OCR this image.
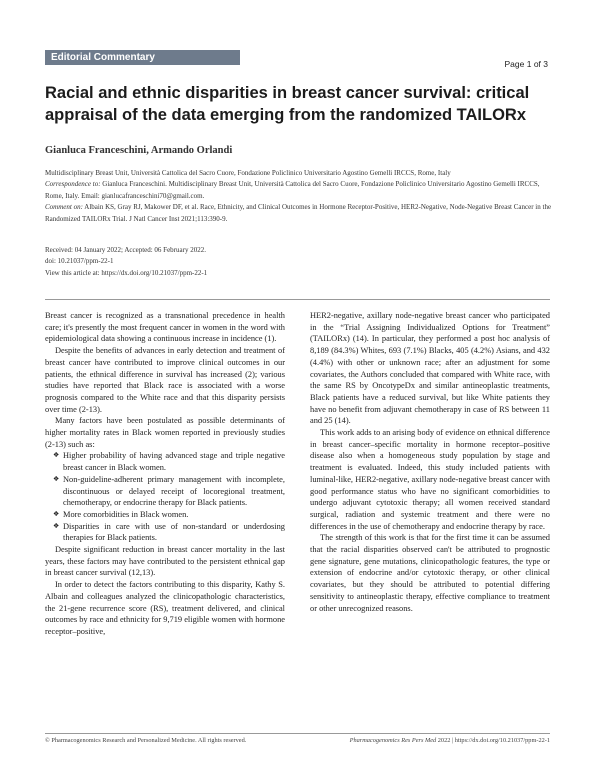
Editorial Commentary
Page 1 of 3
Racial and ethnic disparities in breast cancer survival: critical appraisal of the data emerging from the randomized TAILORx
Gianluca Franceschini, Armando Orlandi

Multidisciplinary Breast Unit, Università Cattolica del Sacro Cuore, Fondazione Policlinico Universitario Agostino Gemelli IRCCS, Rome, Italy

Correspondence to: Gianluca Franceschini. Multidisciplinary Breast Unit, Università Cattolica del Sacro Cuore, Fondazione Policlinico Universitario Agostino Gemelli IRCCS, Rome, Italy. Email: gianlucafranceschini70@gmail.com.

Comment on: Albain KS, Gray RJ, Makower DF, et al. Race, Ethnicity, and Clinical Outcomes in Hormone Receptor-Positive, HER2-Negative, Node-Negative Breast Cancer in the Randomized TAILORx Trial. J Natl Cancer Inst 2021;113:390-9.

Received: 04 January 2022; Accepted: 06 February 2022.

doi: 10.21037/ppm-22-1

View this article at: https://dx.doi.org/10.21037/ppm-22-1

Breast cancer is recognized as a transnational precedence in health care; it's presently the most frequent cancer in women in the word with epidemiological data showing a continuous increase in incidence (1).

Despite the benefits of advances in early detection and treatment of breast cancer have contributed to improve clinical outcomes in our patients, the ethnical difference in survival has increased (2); various studies have reported that Black race is associated with a worse prognosis compared to the White race and that this disparity persists over time (2-13).

Many factors have been postulated as possible determinants of higher mortality rates in Black women reported in previously studies (2-13) such as:

❖ Higher probability of having advanced stage and triple negative breast cancer in Black women.
❖ Non-guideline-adherent primary management with incomplete, discontinuous or delayed receipt of locoregional treatment, chemotherapy, or endocrine therapy for Black patients.
❖ More comorbidities in Black women.
❖ Disparities in care with use of non-standard or underdosing therapies for Black patients.

Despite significant reduction in breast cancer mortality in the last years, these factors may have contributed to the persistent ethnical gap in breast cancer survival (12,13).

In order to detect the factors contributing to this disparity, Kathy S. Albain and colleagues analyzed the clinicopathologic characteristics, the 21-gene recurrence score (RS), treatment delivered, and clinical outcomes by race and ethnicity for 9,719 eligible women with hormone receptor–positive,

HER2-negative, axillary node-negative breast cancer who participated in the “Trial Assigning Individualized Options for Treatment” (TAILORx) (14). In particular, they performed a post hoc analysis of 8,189 (84.3%) Whites, 693 (7.1%) Blacks, 405 (4.2%) Asians, and 432 (4.4%) with other or unknown race; after an adjustment for some covariates, the Authors concluded that compared with White race, with the same RS by OncotypeDx and similar antineoplastic treatments, Black patients have a reduced survival, but like White patients they have no benefit from adjuvant chemotherapy in case of RS between 11 and 25 (14).

This work adds to an arising body of evidence on ethnical difference in breast cancer–specific mortality in hormone receptor–positive disease also when a homogeneous study population by stage and treatment is evaluated. Indeed, this study included patients with luminal-like, HER2-negative, axillary node-negative breast cancer with good performance status who have no significant comorbidities to undergo adjuvant cytotoxic therapy; all women received standard surgical, radiation and systemic treatment and there were no differences in the use of chemotherapy and endocrine therapy by race.

The strength of this work is that for the first time it can be assumed that the racial disparities observed can't be attributed to prognostic gene signature, gene mutations, clinicopathologic features, the type or extension of endocrine and/or cytotoxic therapy, or other clinical covariates, but they should be attributed to potential differing sensitivity to antineoplastic therapy, effective compliance to treatment or other unrecognized reasons.

© Pharmacogenomics Research and Personalized Medicine. All rights reserved.	Pharmacogenomics Res Pers Med 2022 | https://dx.doi.org/10.21037/ppm-22-1
